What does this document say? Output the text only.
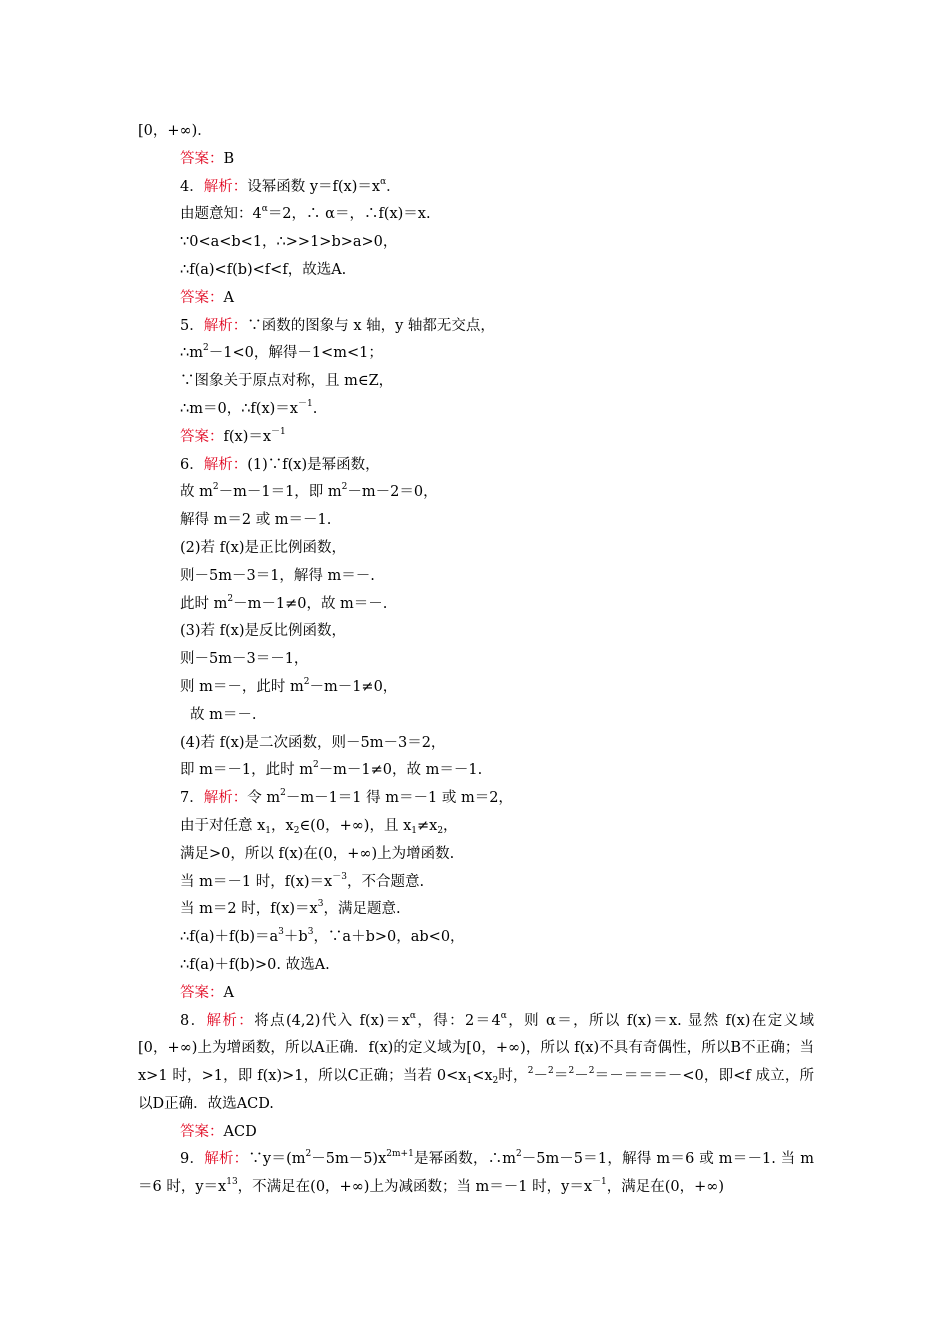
[0，+∞)．
答案：B
4．解析：设幂函数 $y=f(x)=x^\alpha$．
由题意知：$4^\alpha=2$，∴ α＝，∴f(x)＝x.
∵0<a<b<1，∴>>1>b>a>0，
∴f(a)<f(b)<f<f，故选A.
答案：A
5．解析：∵函数的图象与 x 轴，y 轴都无交点，
$\therefore m^2-1<0$，解得－1<m<1；
∵图象关于原点对称，且 m∈Z，
∴m＝0，$\therefore f(x)=x^{-1}$.
答案：$f(x)=x^{-1}$
6．解析：(1)∵f(x)是幂函数，
故 $m^2-m-1=1$，即 $m^2-m-2=0$，
解得 m＝2 或 m＝－1.
(2)若 f(x)是正比例函数，
则－5m－3＝1，解得 m＝－.
此时 $m^2-m-1\ne 0$，故 m＝－.
(3)若 f(x)是反比例函数，
则－5m－3＝－1，
则 m＝－，此时 $m^2-m-1\ne 0$，
故 m＝－.
(4)若 f(x)是二次函数，则－5m－3＝2，
即 m＝－1，此时 $m^2-m-1\ne 0$，故 m＝－1.
7．解析：令 $m^2-m-1=1$ 得 m＝－1 或 m＝2，
由于对任意 $x_1$，$x_2\in(0$，+∞)，且 $x_1\ne x_2$，
满足>0，所以 f(x)在(0，+∞)上为增函数.
当 m＝－1 时，$f(x)=x^{-3}$，不合题意.
当 m＝2 时，$f(x)=x^3$，满足题意.
$\therefore f(a)+f(b)=a^3+b^3$，∵a＋b>0，ab<0，
∴f(a)＋f(b)>0. 故选A.
答案：A
8．解析：将点(4,2)代入 $f(x)=x^\alpha$，得：$2=4^\alpha$，则 α＝，所以 f(x)＝x. 显然 f(x)在定义域[0，+∞)上为增函数，所以A正确．f(x)的定义域为[0，+∞)，所以 f(x)不具有奇偶性，所以B不正确；当 x>1 时，>1，即 f(x)>1，所以C正确；当若 $0<x_1<x_2$时，$^2$－$^2$＝$^2$－$^2$＝－＝＝＝－<0，即<f 成立，所以D正确．故选ACD.
答案：ACD
9．解析：$\because y=(m^2-5m-5)x^{2m+1}$是幂函数，$\therefore m^2-5m-5=1$，解得 m＝6 或 m＝－1. 当 m＝6 时，$y=x^{13}$，不满足在(0，+∞)上为减函数；当 m＝－1 时，$y=x^{-1}$，满足在(0，+∞)
